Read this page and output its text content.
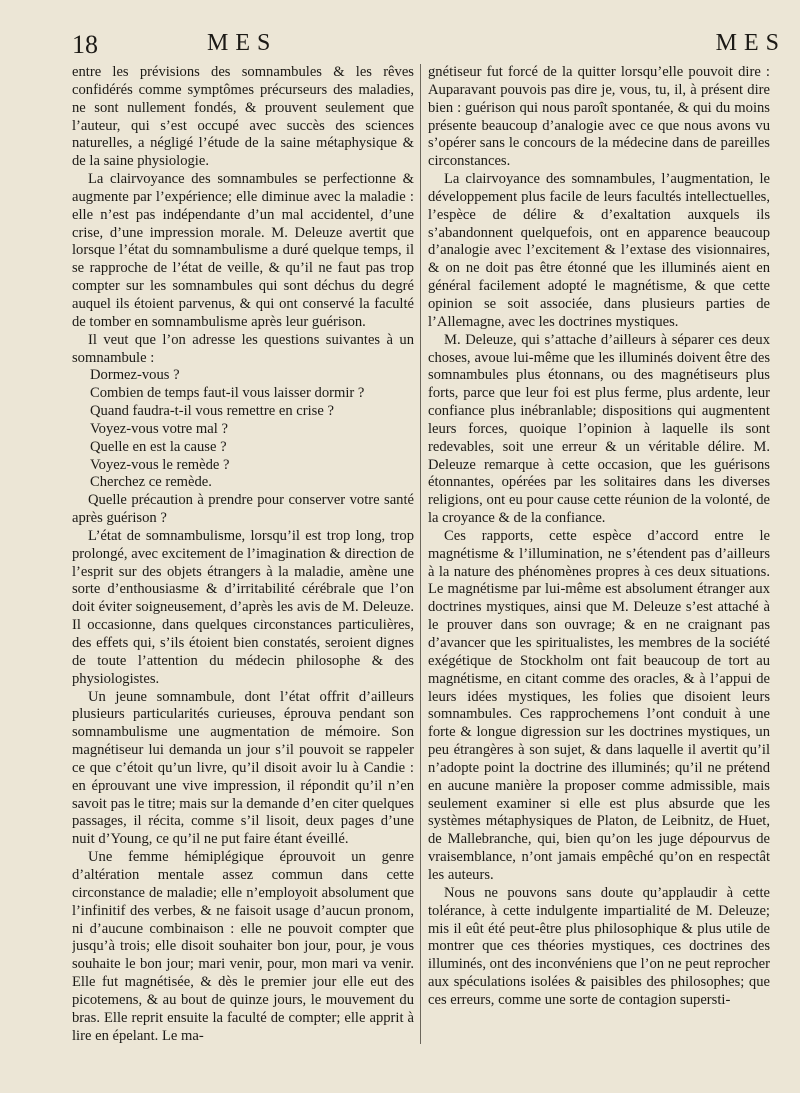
18	MES	MES

entre les prévisions des somnambules & les rêves confidérés comme symptômes précurseurs des maladies, ne sont nullement fondés, & prouvent seulement que l’auteur, qui s’est occupé avec succès des sciences naturelles, a négligé l’étude de la saine métaphysique & de la saine physiologie.

La clairvoyance des somnambules se perfectionne & augmente par l’expérience; elle diminue avec la maladie : elle n’est pas indépendante d’un mal accidentel, d’une crise, d’une impression morale. M. Deleuze avertit que lorsque l’état du somnambulisme a duré quelque temps, il se rapproche de l’état de veille, & qu’il ne faut pas trop compter sur les somnambules qui sont déchus du degré auquel ils étoient parvenus, & qui ont conservé la faculté de tomber en somnambulisme après leur guérison.

Il veut que l’on adresse les questions suivantes à un somnambule :

Dormez-vous ?

Combien de temps faut-il vous laisser dormir ?

Quand faudra-t-il vous remettre en crise ?

Voyez-vous votre mal ?

Quelle en est la cause ?

Voyez-vous le remède ?

Cherchez ce remède.

Quelle précaution à prendre pour conserver votre santé après guérison ?

L’état de somnambulisme, lorsqu’il est trop long, trop prolongé, avec excitement de l’imagination & direction de l’esprit sur des objets étrangers à la maladie, amène une sorte d’enthousiasme & d’irritabilité cérébrale que l’on doit éviter soigneusement, d’après les avis de M. Deleuze. Il occasionne, dans quelques circonstances particulières, des effets qui, s’ils étoient bien constatés, seroient dignes de toute l’attention du médecin philosophe & des physiologistes.

Un jeune somnambule, dont l’état offrit d’ailleurs plusieurs particularités curieuses, éprouva pendant son somnambulisme une augmentation de mémoire. Son magnétiseur lui demanda un jour s’il pouvoit se rappeler ce que c’étoit qu’un livre, qu’il disoit avoir lu à Candie : en éprouvant une vive impression, il répondit qu’il n’en savoit pas le titre; mais sur la demande d’en citer quelques passages, il récita, comme s’il lisoit, deux pages d’une nuit d’Young, ce qu’il ne put faire étant éveillé.

Une femme hémiplégique éprouvoit un genre d’altération mentale assez commun dans cette circonstance de maladie; elle n’employoit absolument que l’infinitif des verbes, & ne faisoit usage d’aucun pronom, ni d’aucune combinaison : elle ne pouvoit compter que jusqu’à trois; elle disoit souhaiter bon jour, pour, je vous souhaite le bon jour; mari venir, pour, mon mari va venir. Elle fut magnétisée, & dès le premier jour elle eut des picotemens, & au bout de quinze jours, le mouvement du bras. Elle reprit ensuite la faculté de compter; elle apprit à lire en épelant. Le ma-

gnétiseur fut forcé de la quitter lorsqu’elle pouvoit dire : Auparavant pouvois pas dire je, vous, tu, il, à présent dire bien : guérison qui nous paroît spontanée, & qui du moins présente beaucoup d’analogie avec ce que nous avons vu s’opérer sans le concours de la médecine dans de pareilles circonstances.

La clairvoyance des somnambules, l’augmentation, le développement plus facile de leurs facultés intellectuelles, l’espèce de délire & d’exaltation auxquels ils s’abandonnent quelquefois, ont en apparence beaucoup d’analogie avec l’excitement & l’extase des visionnaires, & on ne doit pas être étonné que les illuminés aient en général facilement adopté le magnétisme, & que cette opinion se soit associée, dans plusieurs parties de l’Allemagne, avec les doctrines mystiques.

M. Deleuze, qui s’attache d’ailleurs à séparer ces deux choses, avoue lui-même que les illuminés doivent être des somnambules plus étonnans, ou des magnétiseurs plus forts, parce que leur foi est plus ferme, plus ardente, leur confiance plus inébranlable; dispositions qui augmentent leurs forces, quoique l’opinion à laquelle ils sont redevables, soit une erreur & un véritable délire. M. Deleuze remarque à cette occasion, que les guérisons étonnantes, opérées par les solitaires dans les diverses religions, ont eu pour cause cette réunion de la volonté, de la croyance & de la confiance.

Ces rapports, cette espèce d’accord entre le magnétisme & l’illumination, ne s’étendent pas d’ailleurs à la nature des phénomènes propres à ces deux situations. Le magnétisme par lui-même est absolument étranger aux doctrines mystiques, ainsi que M. Deleuze s’est attaché à le prouver dans son ouvrage; & en ne craignant pas d’avancer que les spiritualistes, les membres de la société exégétique de Stockholm ont fait beaucoup de tort au magnétisme, en citant comme des oracles, & à l’appui de leurs idées mystiques, les folies que disoient leurs somnambules. Ces rapprochemens l’ont conduit à une forte & longue digression sur les doctrines mystiques, un peu étrangères à son sujet, & dans laquelle il avertit qu’il n’adopte point la doctrine des illuminés; qu’il ne prétend en aucune manière la proposer comme admissible, mais seulement examiner si elle est plus absurde que les systèmes métaphysiques de Platon, de Leibnitz, de Huet, de Mallebranche, qui, bien qu’on les juge dépourvus de vraisemblance, n’ont jamais empêché qu’on en respectât les auteurs.

Nous ne pouvons sans doute qu’applaudir à cette tolérance, à cette indulgente impartialité de M. Deleuze; mis il eût été peut-être plus philosophique & plus utile de montrer que ces théories mystiques, ces doctrines des illuminés, ont des inconvéniens que l’on ne peut reprocher aux spéculations isolées & paisibles des philosophes; que ces erreurs, comme une sorte de contagion supersti-
